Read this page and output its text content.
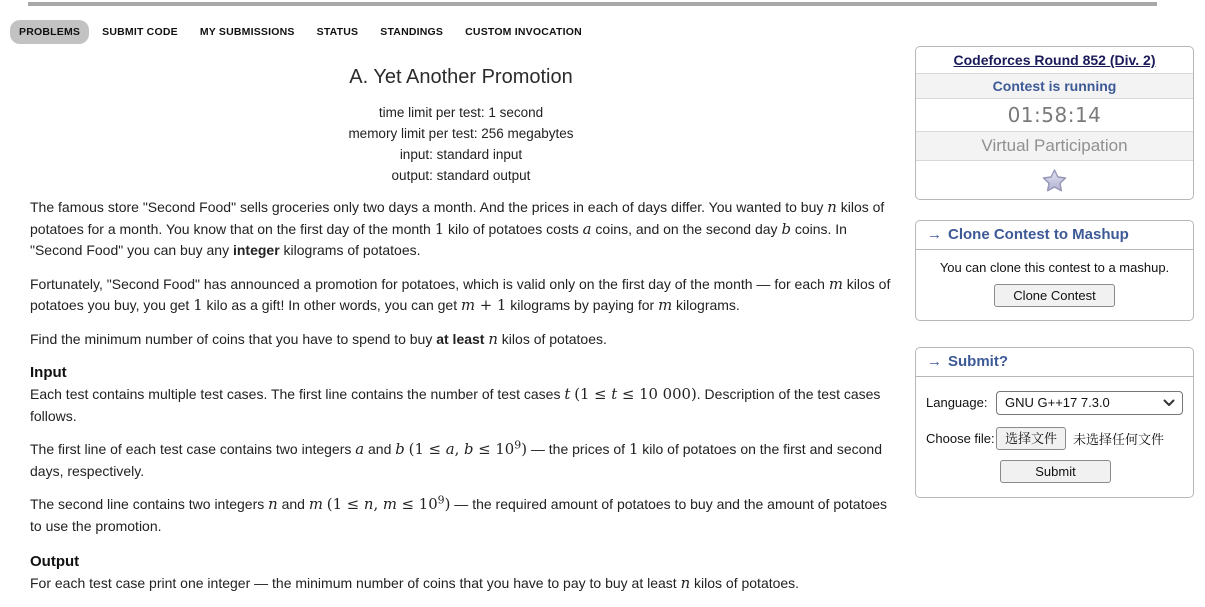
PROBLEMS	SUBMIT CODE	MY SUBMISSIONS	STATUS	STANDINGS	CUSTOM INVOCATION
A. Yet Another Promotion
time limit per test: 1 second
memory limit per test: 256 megabytes
input: standard input
output: standard output

The famous store "Second Food" sells groceries only two days a month. And the prices in each of days differ. You wanted to buy n kilos of potatoes for a month. You know that on the first day of the month 1 kilo of potatoes costs a coins, and on the second day b coins. In "Second Food" you can buy any integer kilograms of potatoes.

Fortunately, "Second Food" has announced a promotion for potatoes, which is valid only on the first day of the month — for each m kilos of potatoes you buy, you get 1 kilo as a gift! In other words, you can get m + 1 kilograms by paying for m kilograms.

Find the minimum number of coins that you have to spend to buy at least n kilos of potatoes.

Input

Each test contains multiple test cases. The first line contains the number of test cases t (1 ≤ t ≤ 10 000). Description of the test cases follows.

The first line of each test case contains two integers a and b (1 ≤ a, $b \le 10^9$) — the prices of 1 kilo of potatoes on the first and second days, respectively.

The second line contains two integers n and m (1 ≤ n, $m \le 10^9$) — the required amount of potatoes to buy and the amount of potatoes to use the promotion.

Output

For each test case print one integer — the minimum number of coins that you have to pay to buy at least n kilos of potatoes.

Codeforces Round 852 (Div. 2)
Contest is running
01:58:14
Virtual Participation
→ Clone Contest to Mashup
You can clone this contest to a mashup.
Clone Contest
→ Submit?
Language:	GNU G++17 7.3.0
Choose file: 选择文件	未选择任何文件
Submit
